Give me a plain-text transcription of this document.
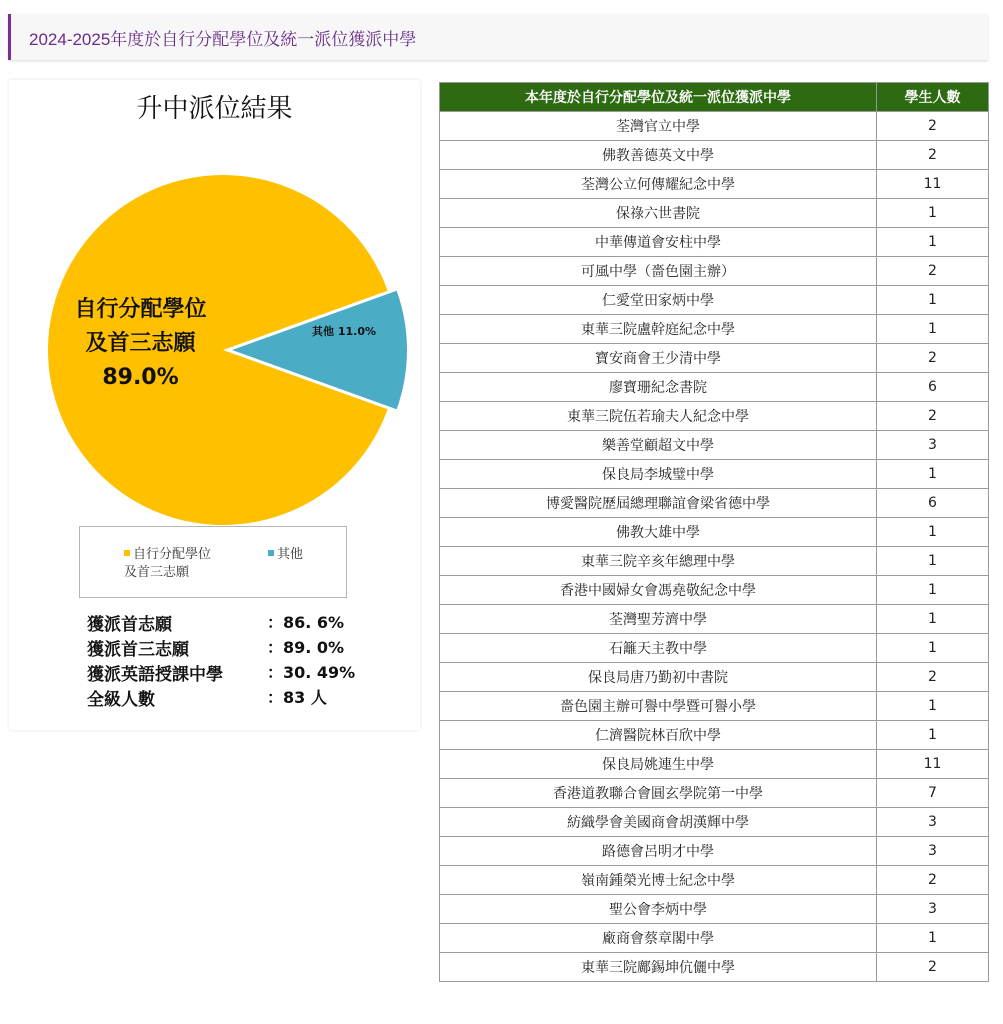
2024-2025年度於自行分配學位及統一派位獲派中學
升中派位結果
自行分配學位
及首三志願
89.0%
其他 11.0%
自行分配學位
及首三志願
其他
獲派首志願	：86. 6%
獲派首三志願	：89. 0%
獲派英語授課中學	：30. 49%
全級人數	：83 人
本年度於自行分配學位及統一派位獲派中學	學生人數
荃灣官立中學	2
佛教善德英文中學	2
荃灣公立何傳耀紀念中學	11
保祿六世書院	1
中華傳道會安柱中學	1
可風中學（嗇色園主辦）	2
仁愛堂田家炳中學	1
東華三院盧幹庭紀念中學	1
寶安商會王少清中學	2
廖寶珊紀念書院	6
東華三院伍若瑜夫人紀念中學	2
樂善堂顧超文中學	3
保良局李城璧中學	1
博愛醫院歷屆總理聯誼會梁省德中學	6
佛教大雄中學	1
東華三院辛亥年總理中學	1
香港中國婦女會馮堯敬紀念中學	1
荃灣聖芳濟中學	1
石籬天主教中學	1
保良局唐乃勤初中書院	2
嗇色園主辦可譽中學暨可譽小學	1
仁濟醫院林百欣中學	1
保良局姚連生中學	11
香港道教聯合會圓玄學院第一中學	7
紡織學會美國商會胡漢輝中學	3
路德會呂明才中學	3
嶺南鍾榮光博士紀念中學	2
聖公會李炳中學	3
廠商會蔡章閣中學	1
東華三院鄺錫坤伉儷中學	2
